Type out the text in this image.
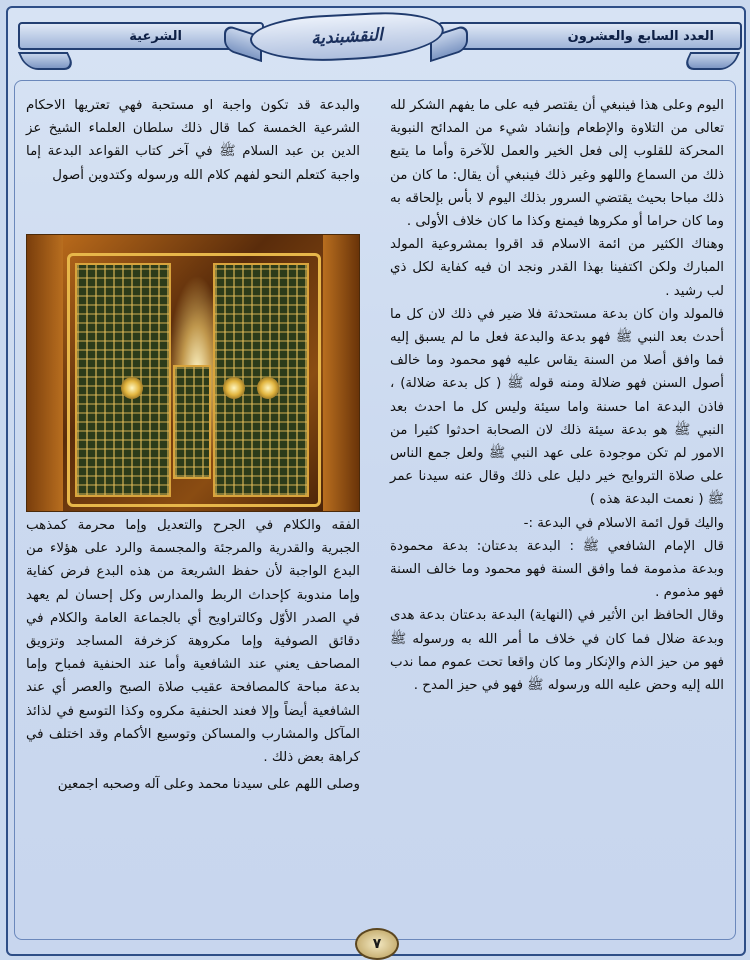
العدد السابع والعشرون
الشرعية	النقشبندية

اليوم وعلى هذا فينبغي أن يقتصر فيه على ما يفهم الشكر لله تعالى من التلاوة والإطعام وإنشاد شيء من المدائح النبوية المحركة للقلوب إلى فعل الخير والعمل للآخرة وأما ما يتبع ذلك من السماع واللهو وغير ذلك فينبغي أن يقال: ما كان من ذلك مباحا بحيث يقتضي السرور بذلك اليوم لا بأس بإلحاقه به وما كان حراما أو مكروها فيمنع وكذا ما كان خلاف الأولى .

وهناك الكثير من ائمة الاسلام قد اقروا بمشروعية المولد المبارك ولكن اكتفينا بهذا القدر ونجد ان فيه كفاية لكل ذي لب رشيد .

فالمولد وان كان بدعة مستحدثة فلا ضير في ذلك لان كل ما أحدث بعد النبي ﷺ فهو بدعة والبدعة فعل ما لم يسبق إليه فما وافق أصلا من السنة يقاس عليه فهو محمود وما خالف أصول السنن فهو ضلالة ومنه قوله ﷺ ( كل بدعة ضلالة) ، فاذن البدعة اما حسنة واما سيئة وليس كل ما احدث بعد النبي ﷺ هو بدعة سيئة ذلك لان الصحابة احدثوا كثيرا من الامور لم تكن موجودة على عهد النبي ﷺ ولعل جمع الناس على صلاة التروايح خير دليل على ذلك وقال عنه سيدنا عمر ﷺ ( نعمت البدعة هذه )

واليك قول ائمة الاسلام في البدعة :-

قال الإمام الشافعي ﷺ : البدعة بدعتان: بدعة محمودة وبدعة مذمومة فما وافق السنة فهو محمود وما خالف السنة فهو مذموم .

وقال الحافظ ابن الأثير في (النهاية) البدعة بدعتان بدعة هدى وبدعة ضلال فما كان في خلاف ما أمر الله به ورسوله ﷺ فهو من حيز الذم والإنكار وما كان واقعا تحت عموم مما ندب الله إليه وحض عليه الله ورسوله ﷺ فهو في حيز المدح .

والبدعة قد تكون واجبة او مستحبة فهي تعتريها الاحكام الشرعية الخمسة كما قال ذلك سلطان العلماء الشيخ عز الدين بن عبد السلام ﷺ في آخر كتاب القواعد البدعة إما واجبة كتعلم النحو لفهم كلام الله ورسوله وكتدوين أصول

الفقه والكلام في الجرح والتعديل وإما محرمة كمذهب الجبرية والقدرية والمرجئة والمجسمة والرد على هؤلاء من البدع الواجبة لأن حفظ الشريعة من هذه البدع فرض كفاية وإما مندوبة كإحداث الربط والمدارس وكل إحسان لم يعهد في الصدر الأوّل وكالتراويح أي بالجماعة العامة والكلام في دقائق الصوفية وإما مكروهة كزخرفة المساجد وتزويق المصاحف يعني عند الشافعية وأما عند الحنفية فمباح وإما بدعة مباحة كالمصافحة عقيب صلاة الصبح والعصر أي عند الشافعية أيضاً وإلا فعند الحنفية مكروه وكذا التوسع في لذائذ المآكل والمشارب والمساكن وتوسيع الأكمام وقد اختلف في كراهة بعض ذلك .

وصلى اللهم على سيدنا محمد وعلى آله وصحبه اجمعين

٧
